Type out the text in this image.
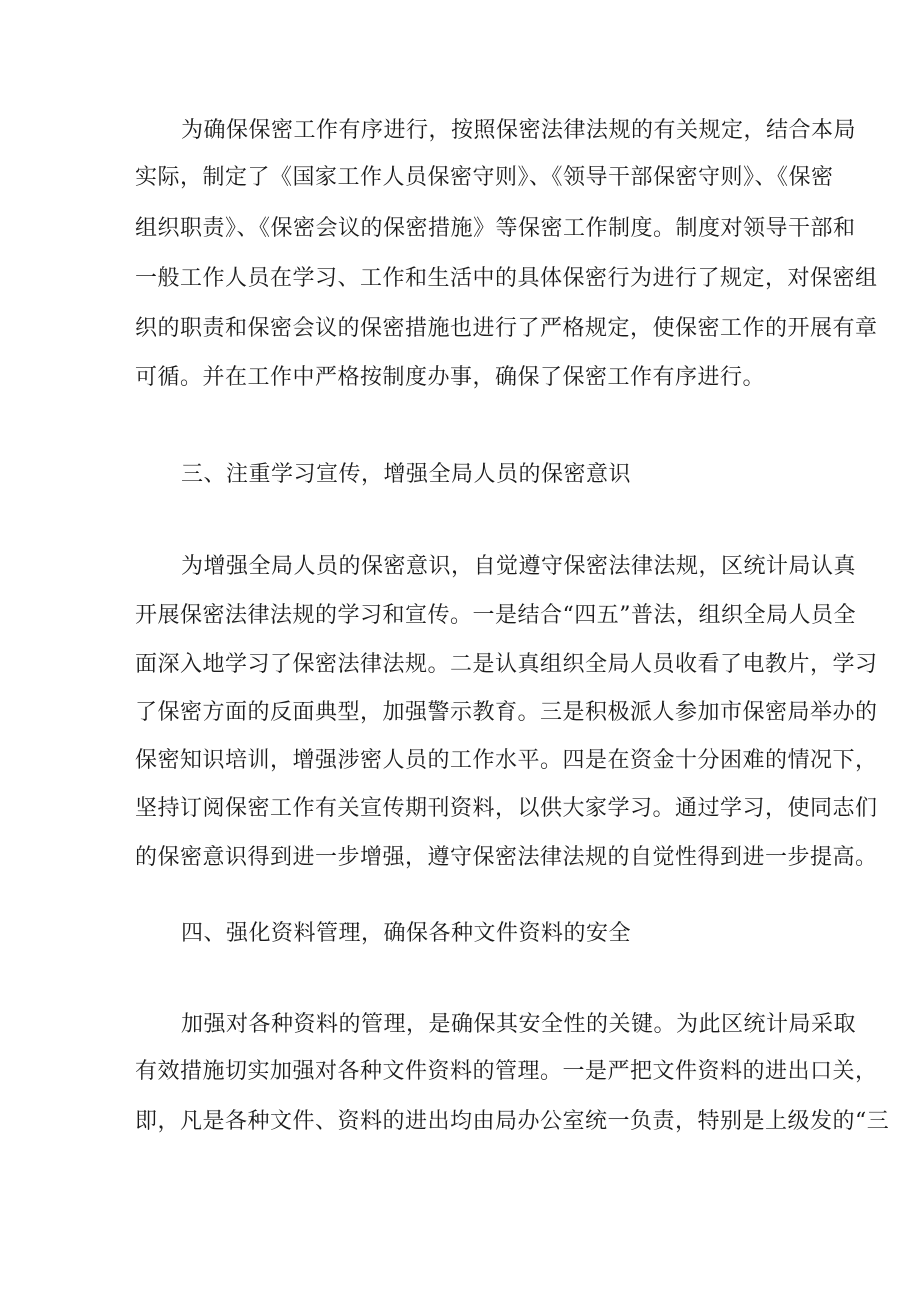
为确保保密工作有序进行，按照保密法律法规的有关规定，结合本局
实际，制定了《国家工作人员保密守则》、《领导干部保密守则》、《保密
组织职责》、《保密会议的保密措施》等保密工作制度。制度对领导干部和
一般工作人员在学习、工作和生活中的具体保密行为进行了规定，对保密组
织的职责和保密会议的保密措施也进行了严格规定，使保密工作的开展有章
可循。并在工作中严格按制度办事，确保了保密工作有序进行。
三、注重学习宣传，增强全局人员的保密意识
为增强全局人员的保密意识，自觉遵守保密法律法规，区统计局认真
开展保密法律法规的学习和宣传。一是结合“四五”普法，组织全局人员全
面深入地学习了保密法律法规。二是认真组织全局人员收看了电教片，学习
了保密方面的反面典型，加强警示教育。三是积极派人参加市保密局举办的
保密知识培训，增强涉密人员的工作水平。四是在资金十分困难的情况下，
坚持订阅保密工作有关宣传期刊资料，以供大家学习。通过学习，使同志们
的保密意识得到进一步增强，遵守保密法律法规的自觉性得到进一步提高。
四、强化资料管理，确保各种文件资料的安全
加强对各种资料的管理，是确保其安全性的关键。为此区统计局采取
有效措施切实加强对各种文件资料的管理。一是严把文件资料的进出口关，
即，凡是各种文件、资料的进出均由局办公室统一负责，特别是上级发的“三
